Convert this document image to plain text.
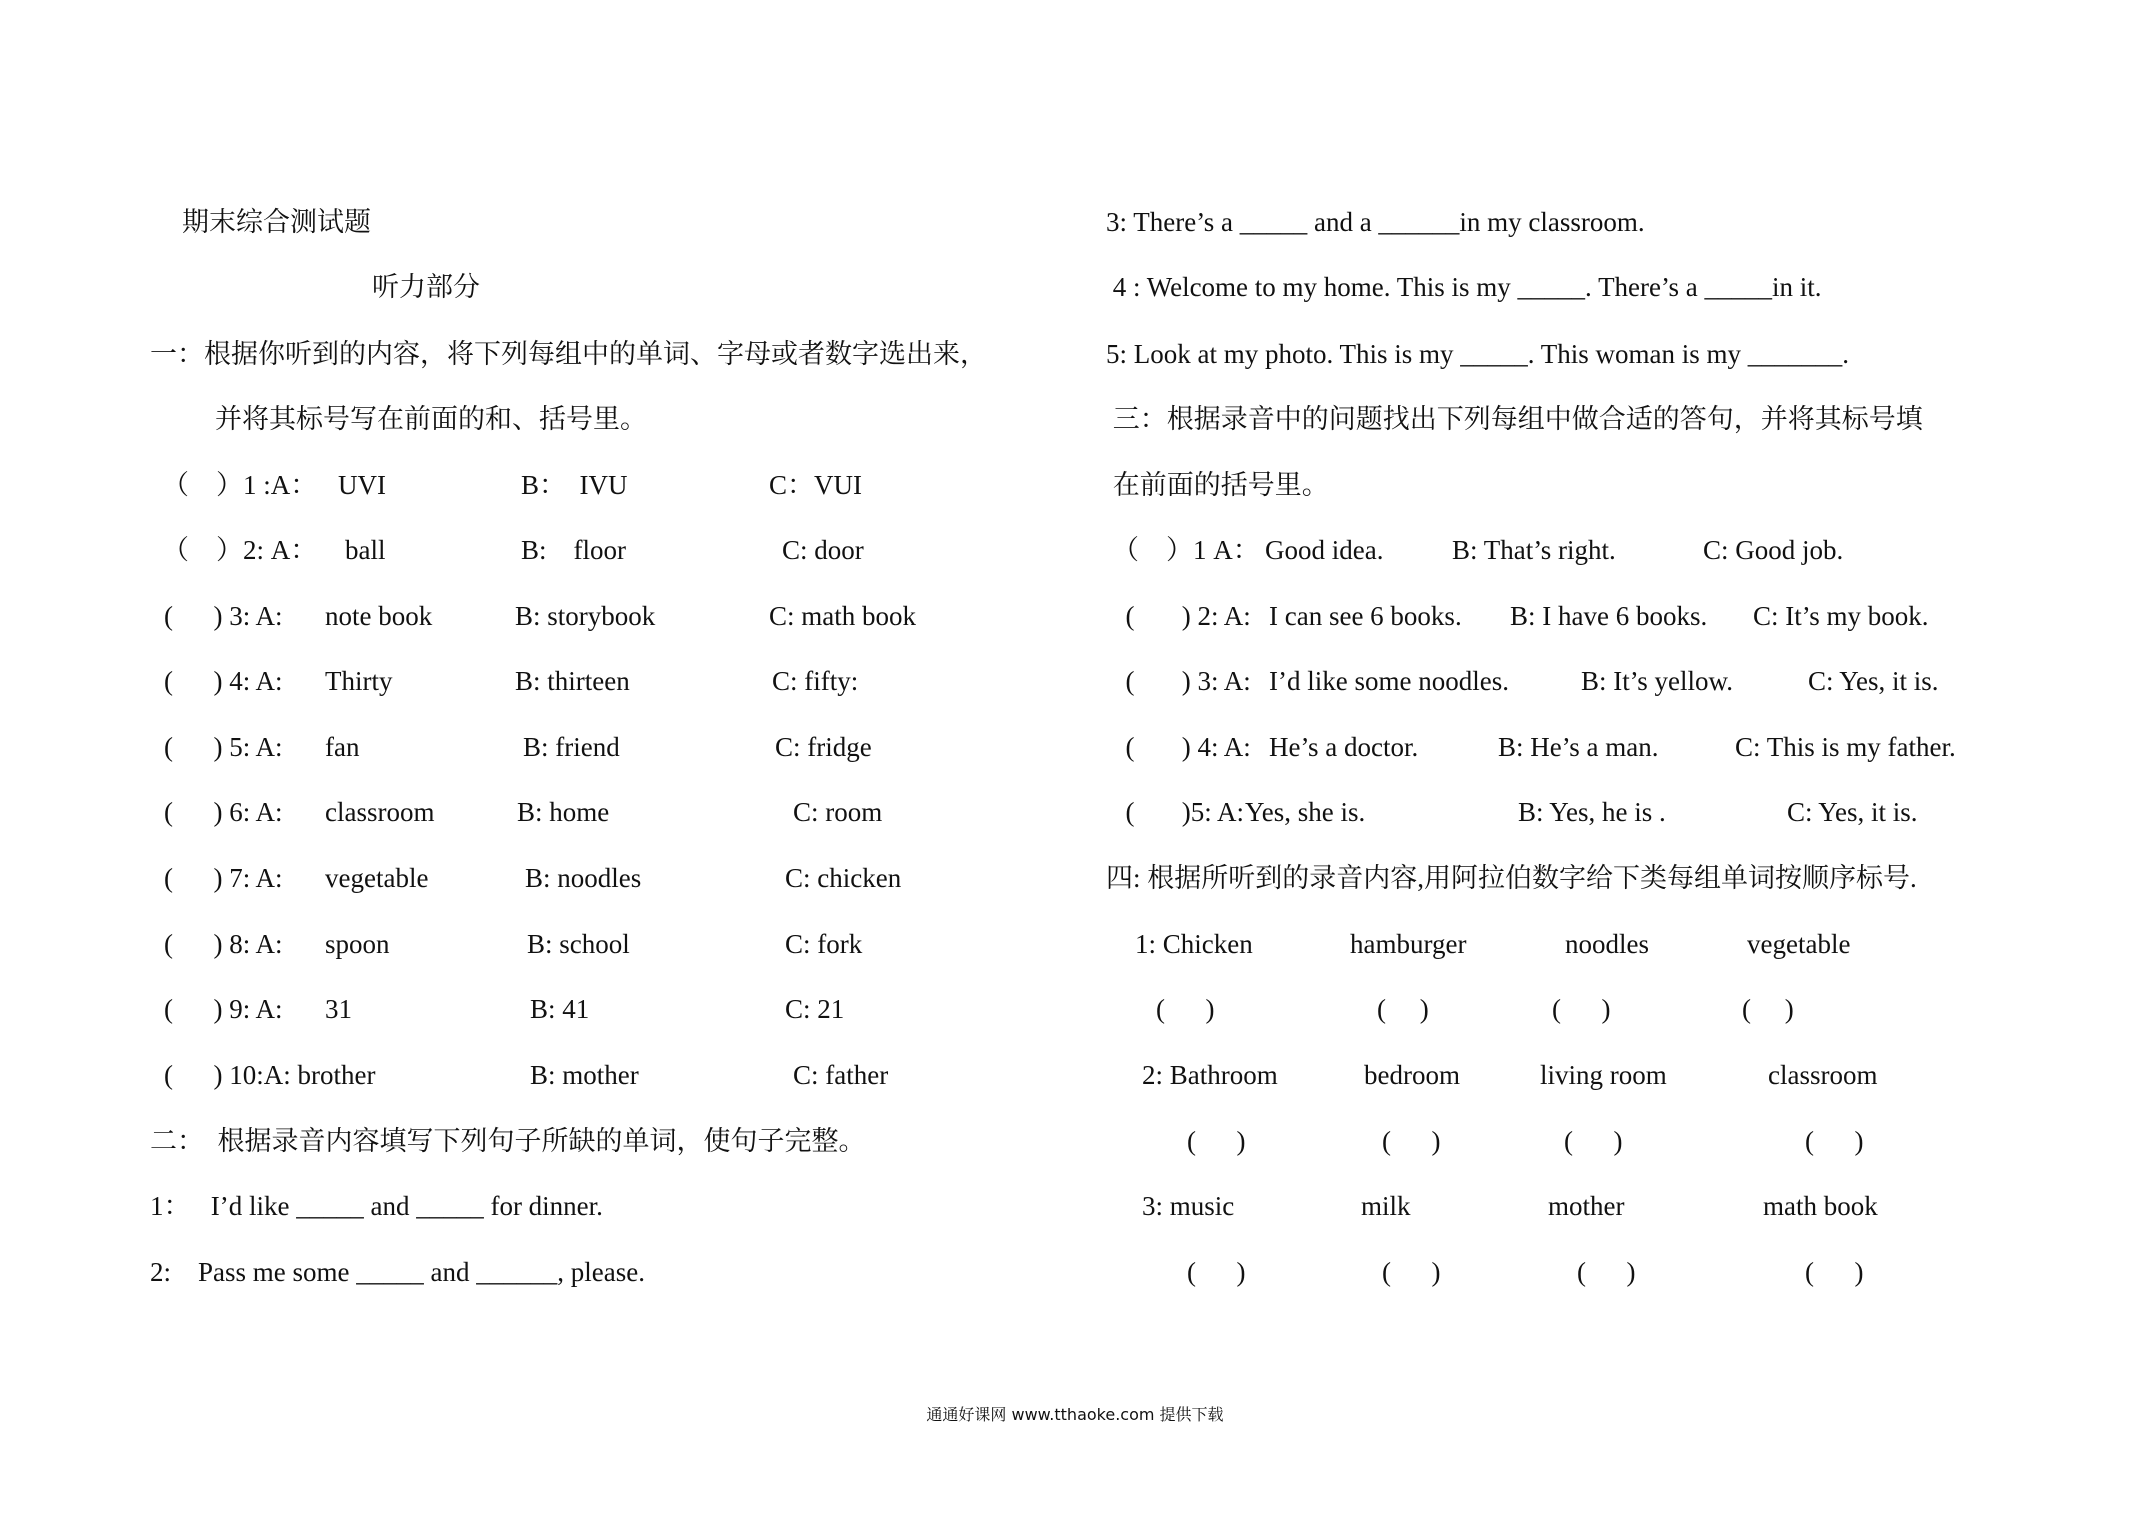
期末综合测试题
听力部分
一：根据你听到的内容，将下列每组中的单词、字母或者数字选出来，
并将其标号写在前面的和、括号里。
（    ）1 :A： UVI	B：  IVU	C：VUI
（    ）2: A： ball	B:    floor	C: door
(      ) 3: A: note book	B: storybook	C: math book
(      ) 4: A: Thirty	B: thirteen	C: fifty:
(      ) 5: A: fan	B: friend	C: fridge
(      ) 6: A: classroom	B: home	C: room
(      ) 7: A: vegetable	B: noodles	C: chicken
(      ) 8: A: spoon	B: school	C: fork
(      ) 9: A: 31	B: 41	C: 21
(      ) 10:A: brother	B: mother	C: father
二：  根据录音内容填写下列句子所缺的单词，使句子完整。
1：   I’d like _____ and _____ for dinner.
2:    Pass me some _____ and ______, please.
3: There’s a _____ and a ______in my classroom.
4 : Welcome to my home. This is my _____. There’s a _____in it.
5: Look at my photo. This is my _____. This woman is my _______.
三：根据录音中的问题找出下列每组中做合适的答句，并将其标号填
在前面的括号里。
（    ）1 A： Good idea.	B: That’s right.	C: Good job.
(       ) 2: A: I can see 6 books. B: I have 6 books. C: It’s my book.
(       ) 3: A: I’d like some noodles.	B: It’s yellow.	C: Yes, it is.
(       ) 4: A: He’s a doctor.	B: He’s a man.	C: This is my father.
(       )5: A: Yes, she is.	B: Yes, he is .	C: Yes, it is.
四: 根据所听到的录音内容,用阿拉伯数字给下类每组单词按顺序标号.
1: Chicken	hamburger	noodles	vegetable
(      )	(     )	(      )	(     )
2: Bathroom	bedroom	living room	classroom
(      )	(      )	(      )	(      )
3: music	milk	mother	math book
(      )	(      )	(      )	(      )
通通好课网 www.tthaoke.com 提供下载
